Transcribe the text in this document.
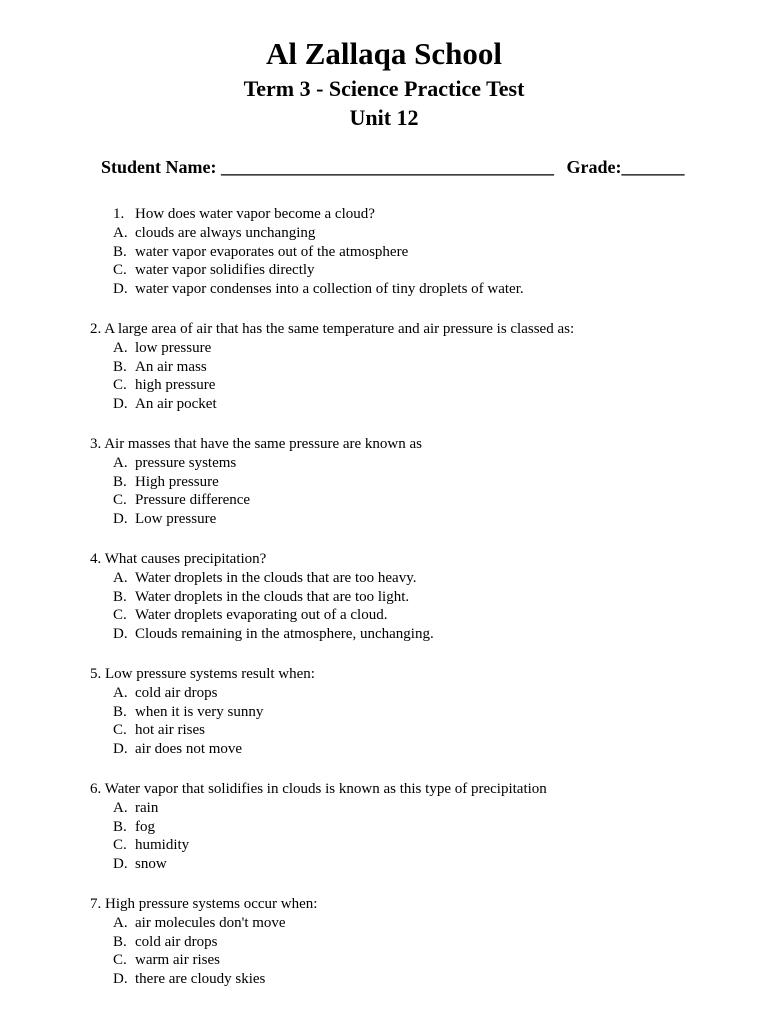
Al Zallaqa School
Term 3 - Science Practice Test
Unit 12
Student Name: _____________________________________ Grade:_______
1. How does water vapor become a cloud?
A. clouds are always unchanging
B. water vapor evaporates out of the atmosphere
C. water vapor solidifies directly
D. water vapor condenses into a collection of tiny droplets of water.
2. A large area of air that has the same temperature and air pressure is classed as:
A. low pressure
B. An air mass
C. high pressure
D. An air pocket
3. Air masses that have the same pressure are known as
A. pressure systems
B. High pressure
C. Pressure difference
D. Low pressure
4. What causes precipitation?
A. Water droplets in the clouds that are too heavy.
B. Water droplets in the clouds that are too light.
C. Water droplets evaporating out of a cloud.
D. Clouds remaining in the atmosphere, unchanging.
5. Low pressure systems result when:
A. cold air drops
B. when it is very sunny
C. hot air rises
D. air does not move
6. Water vapor that solidifies in clouds is known as this type of precipitation
A. rain
B. fog
C. humidity
D. snow
7. High pressure systems occur when:
A. air molecules don't move
B. cold air drops
C. warm air rises
D. there are cloudy skies
